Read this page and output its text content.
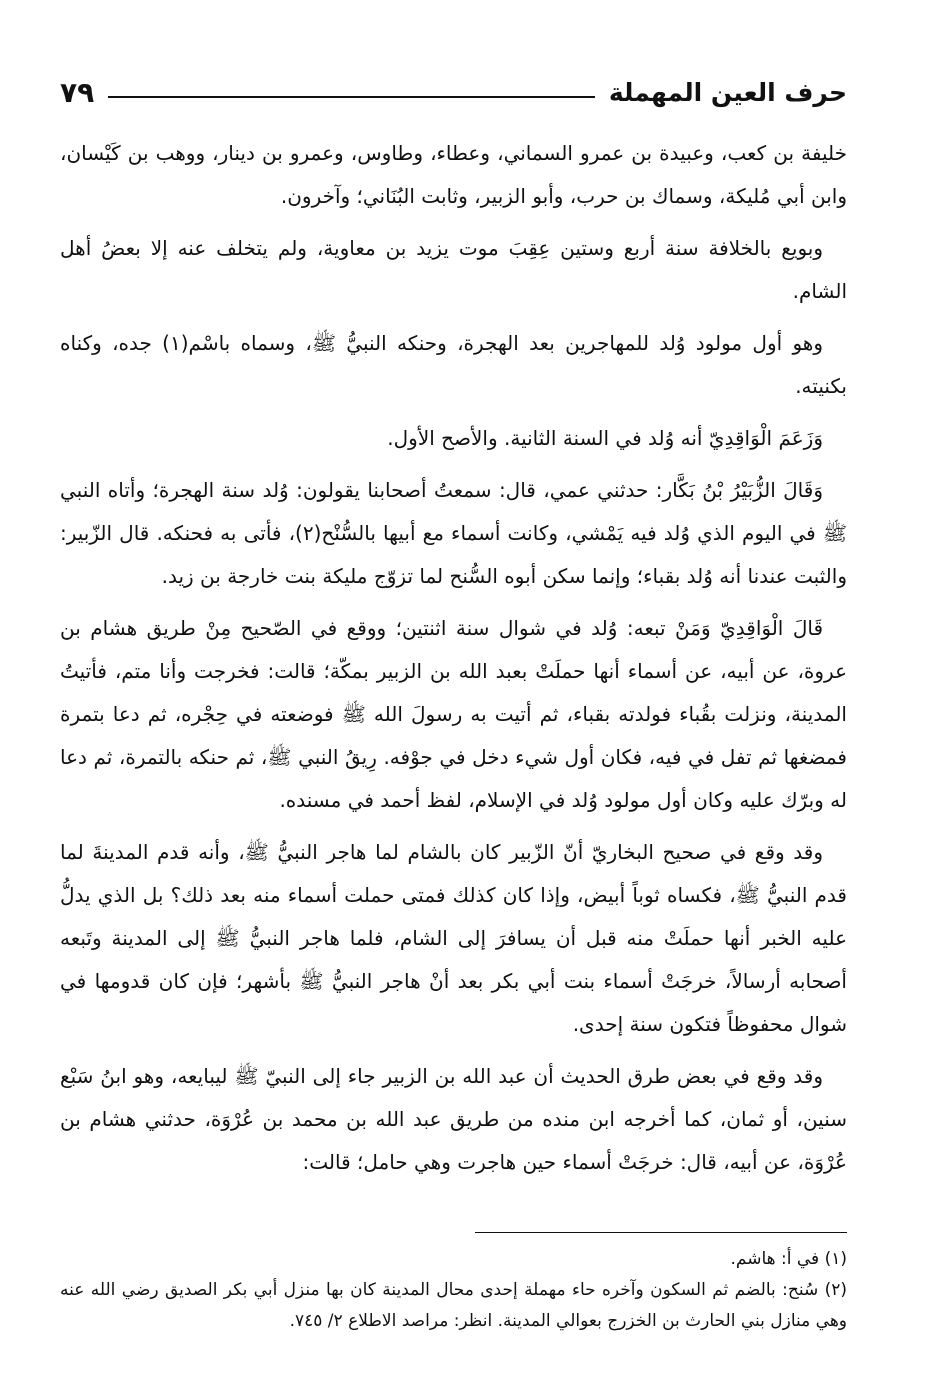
حرف العين المهملة
٧٩

خليفة بن كعب، وعبيدة بن عمرو السماني، وعطاء، وطاوس، وعمرو بن دينار، ووهب بن كَيْسان، وابن أبي مُليكة، وسماك بن حرب، وأبو الزبير، وثابت البُنَاني؛ وآخرون.

وبويع بالخلافة سنة أربع وستين عِقِبَ موت يزيد بن معاوية، ولم يتخلف عنه إلا بعضُ أهل الشام.

وهو أول مولود وُلد للمهاجرين بعد الهجرة، وحنكه النبيُّ ﷺ، وسماه باسْم(١) جده، وكناه بكنيته.

وَزَعَمَ الْوَاقِدِيّ أنه وُلد في السنة الثانية. والأصح الأول.

وَقَالَ الزُّبَيْرُ بْنُ بَكَّار: حدثني عمي، قال: سمعتُ أصحابنا يقولون: وُلد سنة الهجرة؛ وأتاه النبي ﷺ في اليوم الذي وُلد فيه يَمْشي، وكانت أسماء مع أبيها بالسُّنْح(٢)، فأتى به فحنكه. قال الزّبير: والثبت عندنا أنه وُلد بقباء؛ وإنما سكن أبوه السُّنح لما تزوّج مليكة بنت خارجة بن زيد.

قَالَ الْوَاقِدِيّ وَمَنْ تبعه: وُلد في شوال سنة اثنتين؛ ووقع في الصّحيح مِنْ طريق هشام بن عروة، عن أبيه، عن أسماء أنها حملَتْ بعبد الله بن الزبير بمكّة؛ قالت: فخرجت وأنا متم، فأتيتُ المدينة، ونزلت بقُباء فولدته بقباء، ثم أتيت به رسولَ الله ﷺ فوضعته في حِجْره، ثم دعا بتمرة فمضغها ثم تفل في فيه، فكان أول شيء دخل في جوْفه. رِيقُ النبي ﷺ، ثم حنكه بالتمرة، ثم دعا له وبرّك عليه وكان أول مولود وُلد في الإسلام، لفظ أحمد في مسنده.

وقد وقع في صحيح البخاريّ أنّ الزّبير كان بالشام لما هاجر النبيُّ ﷺ، وأنه قدم المدينةَ لما قدم النبيُّ ﷺ، فكساه ثوباً أبيض، وإذا كان كذلك فمتى حملت أسماء منه بعد ذلك؟ بل الذي يدلُّ عليه الخبر أنها حملَتْ منه قبل أن يسافرَ إلى الشام، فلما هاجر النبيُّ ﷺ إلى المدينة وتَبعه أصحابه أرسالاً، خرجَتْ أسماء بنت أبي بكر بعد أنْ هاجر النبيُّ ﷺ بأشهر؛ فإن كان قدومها في شوال محفوظاً فتكون سنة إحدى.

وقد وقع في بعض طرق الحديث أن عبد الله بن الزبير جاء إلى النبيّ ﷺ ليبايعه، وهو ابنُ سَبْع سنين، أو ثمان، كما أخرجه ابن منده من طريق عبد الله بن محمد بن عُرْوَة، حدثني هشام بن عُرْوَة، عن أبيه، قال: خرجَتْ أسماء حين هاجرت وهي حامل؛ قالت:

(١) في أ: هاشم.

(٢) سُنح: بالضم ثم السكون وآخره حاء مهملة إحدى محال المدينة كان بها منزل أبي بكر الصديق رضي الله عنه وهي منازل بني الحارث بن الخزرج بعوالي المدينة. انظر: مراصد الاطلاع ٢/ ٧٤٥.
